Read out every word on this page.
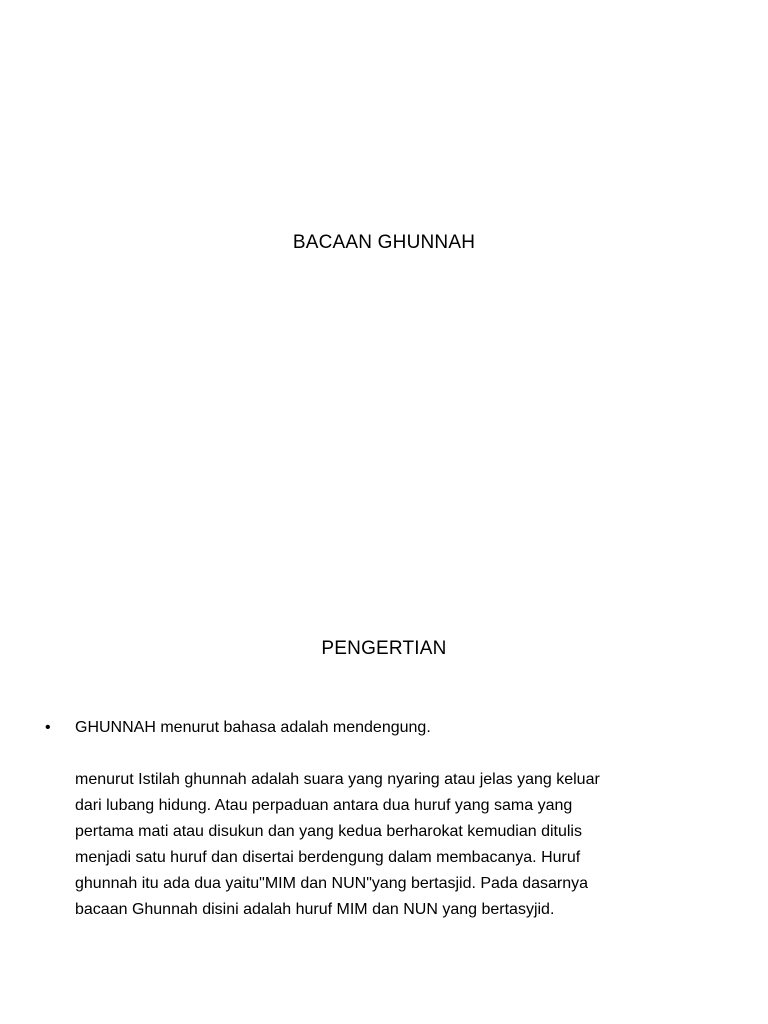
BACAAN GHUNNAH
PENGERTIAN
• GHUNNAH menurut bahasa adalah mendengung.
menurut Istilah ghunnah adalah suara yang nyaring atau jelas yang keluar
dari lubang hidung. Atau perpaduan antara dua huruf yang sama yang
pertama mati atau disukun dan yang kedua berharokat kemudian ditulis
menjadi satu huruf dan disertai berdengung dalam membacanya. Huruf
ghunnah itu ada dua yaitu"MIM dan NUN"yang bertasjid. Pada dasarnya
bacaan Ghunnah disini adalah huruf MIM dan NUN yang bertasyjid.
